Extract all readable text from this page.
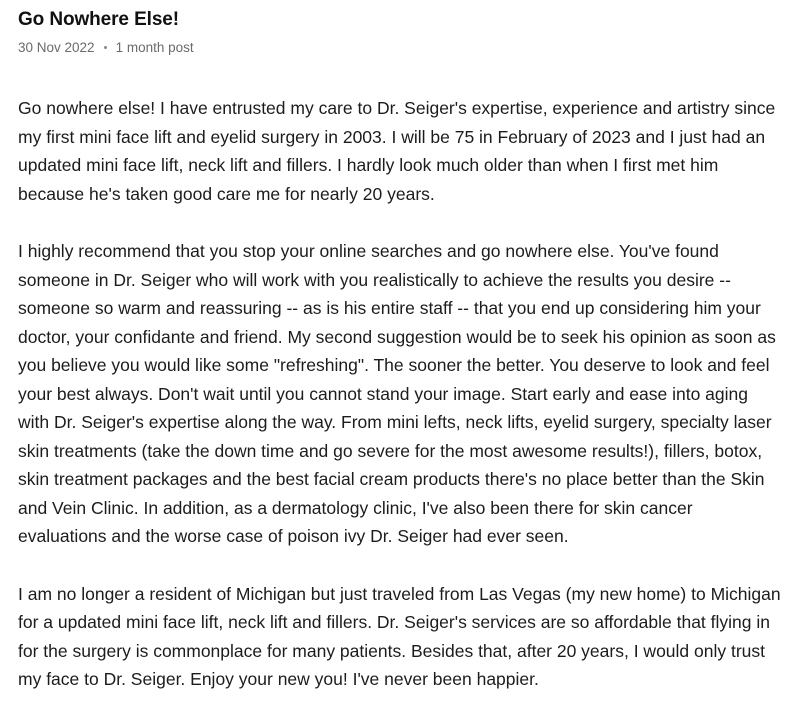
Go Nowhere Else!
30 Nov 2022 1 month post

Go nowhere else! I have entrusted my care to Dr. Seiger's expertise, experience and artistry since my first mini face lift and eyelid surgery in 2003. I will be 75 in February of 2023 and I just had an updated mini face lift, neck lift and fillers. I hardly look much older than when I first met him because he's taken good care me for nearly 20 years.

I highly recommend that you stop your online searches and go nowhere else. You've found someone in Dr. Seiger who will work with you realistically to achieve the results you desire -- someone so warm and reassuring -- as is his entire staff -- that you end up considering him your doctor, your confidante and friend. My second suggestion would be to seek his opinion as soon as you believe you would like some "refreshing". The sooner the better. You deserve to look and feel your best always. Don't wait until you cannot stand your image. Start early and ease into aging with Dr. Seiger's expertise along the way. From mini lefts, neck lifts, eyelid surgery, specialty laser skin treatments (take the down time and go severe for the most awesome results!), fillers, botox, skin treatment packages and the best facial cream products there's no place better than the Skin and Vein Clinic. In addition, as a dermatology clinic, I've also been there for skin cancer evaluations and the worse case of poison ivy Dr. Seiger had ever seen.

I am no longer a resident of Michigan but just traveled from Las Vegas (my new home) to Michigan for a updated mini face lift, neck lift and fillers. Dr. Seiger's services are so affordable that flying in for the surgery is commonplace for many patients. Besides that, after 20 years, I would only trust my face to Dr. Seiger. Enjoy your new you! I've never been happier.
